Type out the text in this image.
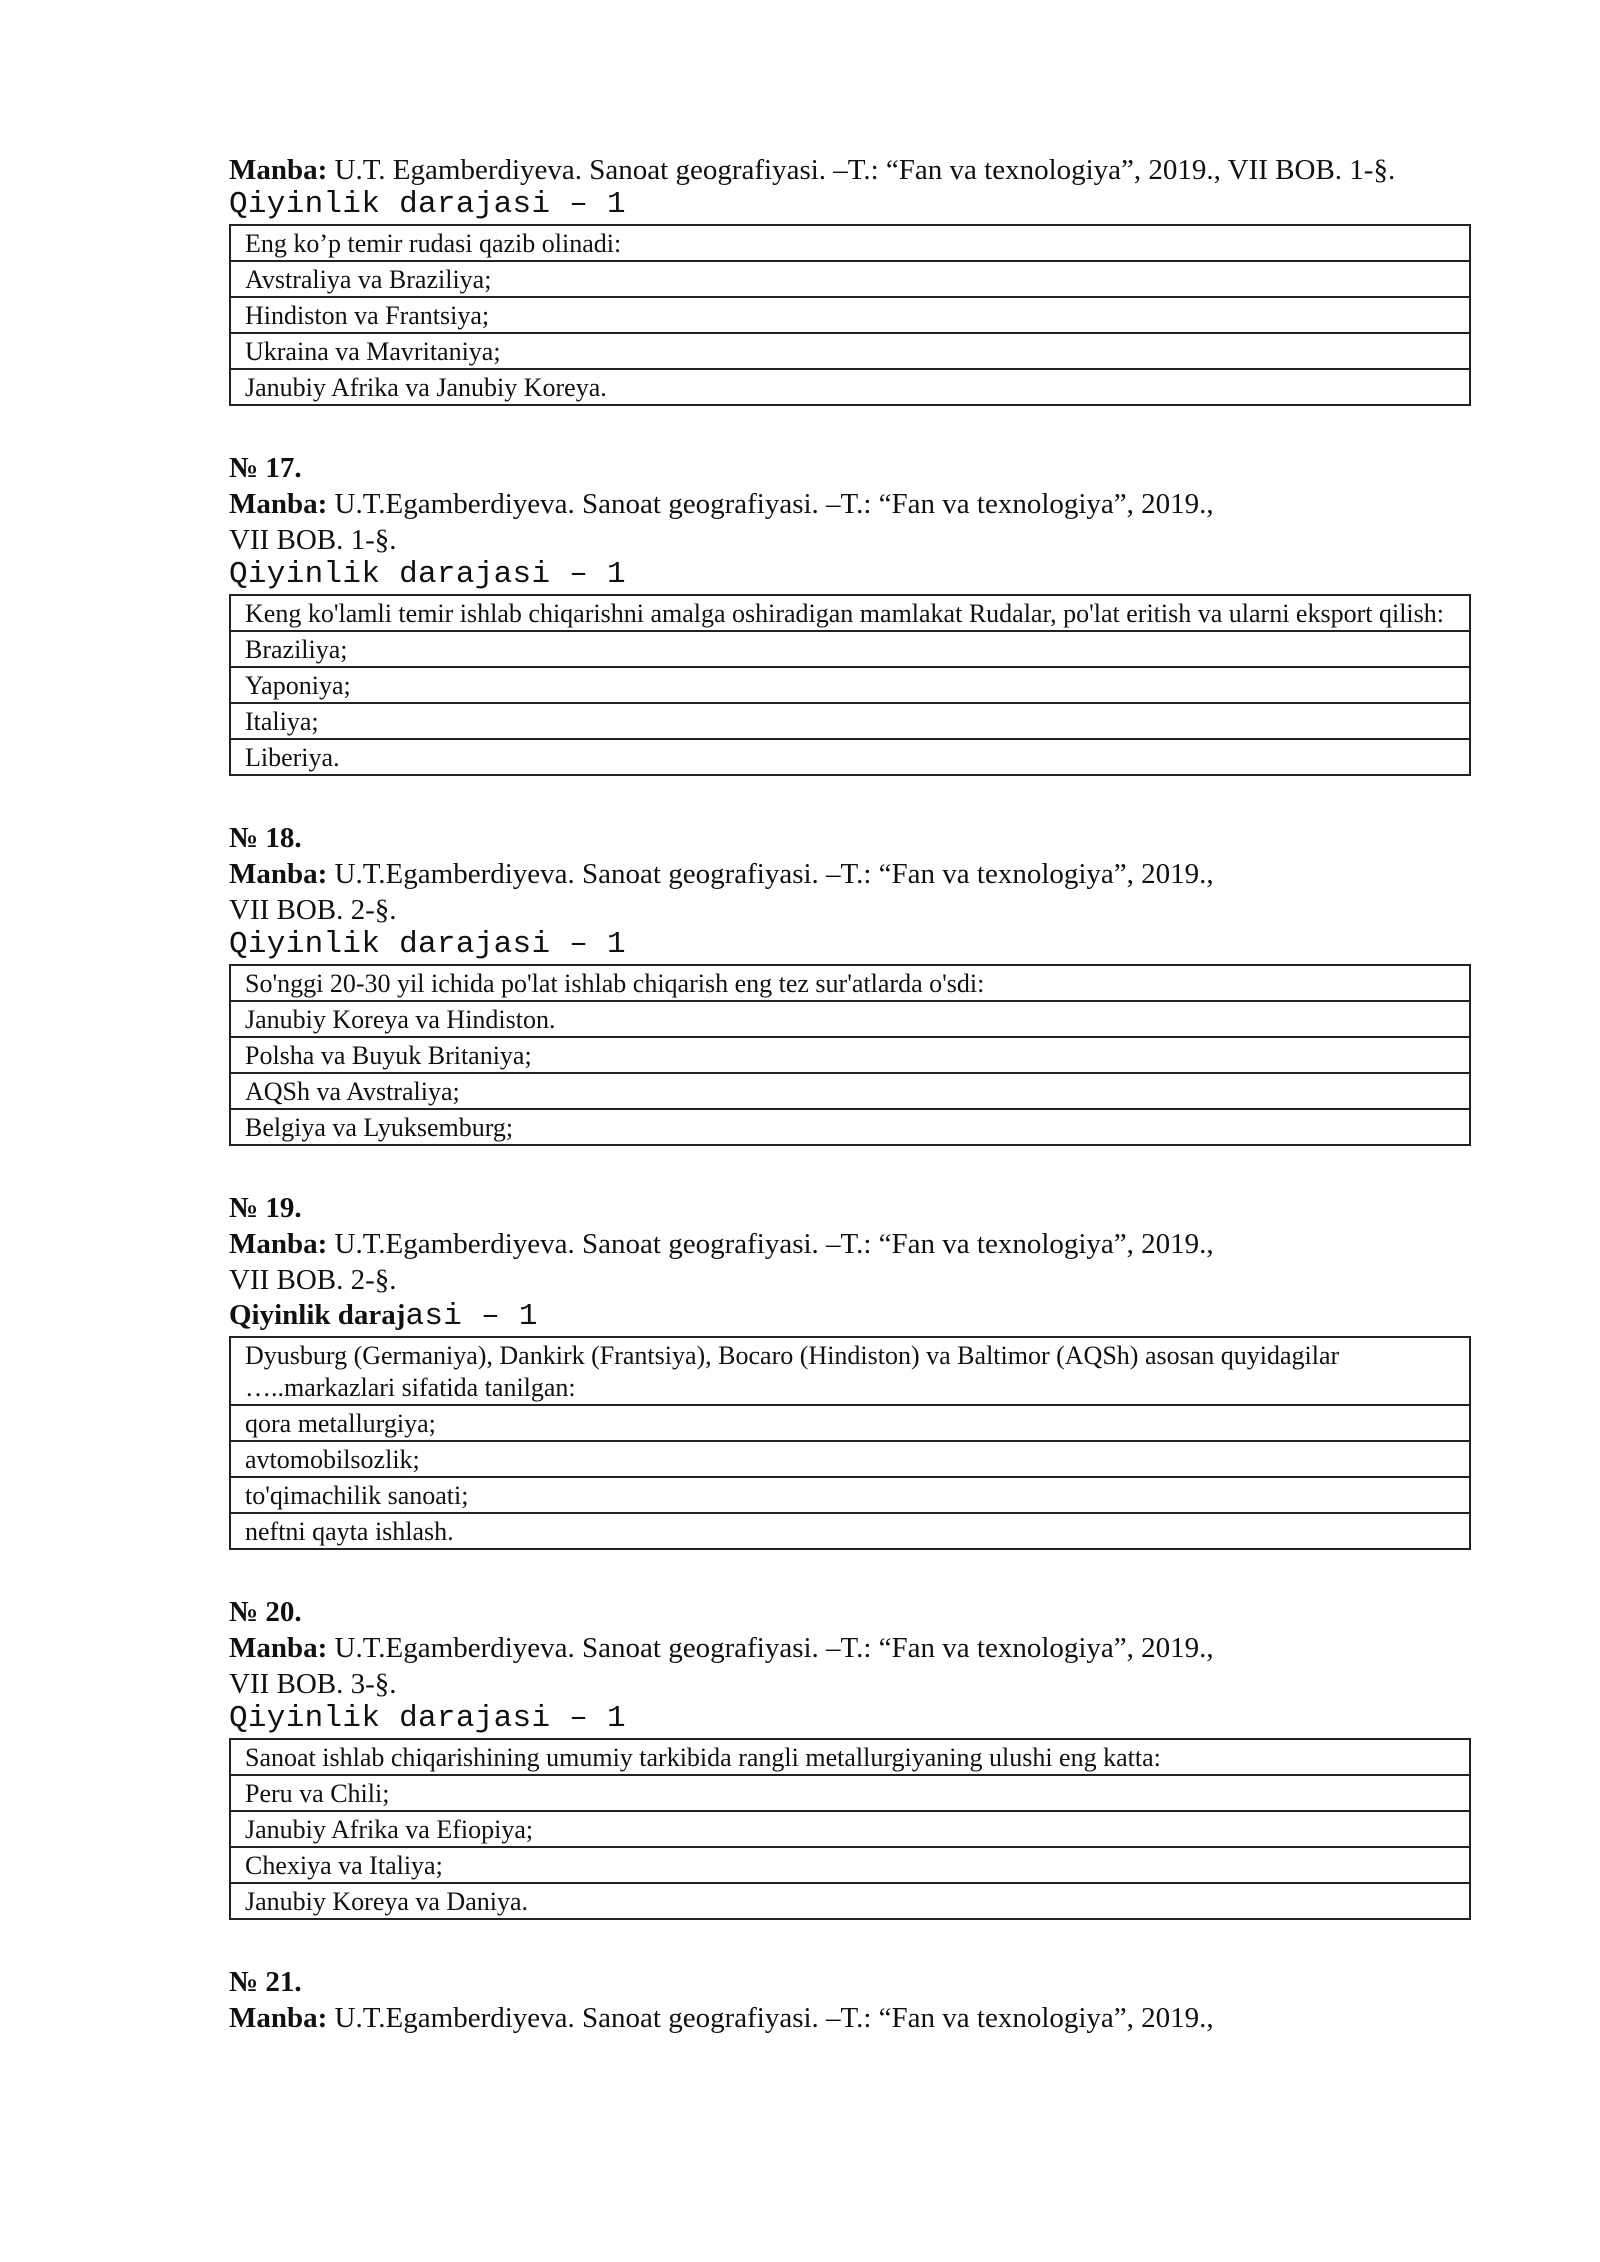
Manba: U.T. Egamberdiyeva. Sanoat geografiyasi. –T.: “Fan va texnologiya”, 2019., VII BOB. 1-§.
Qiyinlik darajasi – 1
Eng ko’p temir rudasi qazib olinadi:
Avstraliya va Braziliya;
Hindiston va Frantsiya;
Ukraina va Mavritaniya;
Janubiy Afrika va Janubiy Koreya.
№ 17.
Manba: U.T.Egamberdiyeva. Sanoat geografiyasi. –T.: “Fan va texnologiya”, 2019.,
VII BOB. 1-§.
Qiyinlik darajasi – 1
Keng ko'lamli temir ishlab chiqarishni amalga oshiradigan mamlakat Rudalar, po'lat eritish va ularni eksport qilish:
Braziliya;
Yaponiya;
Italiya;
Liberiya.
№ 18.
Manba: U.T.Egamberdiyeva. Sanoat geografiyasi. –T.: “Fan va texnologiya”, 2019.,
VII BOB. 2-§.
Qiyinlik darajasi – 1
So'nggi 20-30 yil ichida po'lat ishlab chiqarish eng tez sur'atlarda o'sdi:
Janubiy Koreya va Hindiston.
Polsha va Buyuk Britaniya;
AQSh va Avstraliya;
Belgiya va Lyuksemburg;
№ 19.
Manba: U.T.Egamberdiyeva. Sanoat geografiyasi. –T.: “Fan va texnologiya”, 2019.,
VII BOB. 2-§.
Qiyinlik darajasi – 1
Dyusburg (Germaniya), Dankirk (Frantsiya), Bocaro (Hindiston) va Baltimor (AQSh) asosan quyidagilar …..markazlari sifatida tanilgan:
qora metallurgiya;
avtomobilsozlik;
to'qimachilik sanoati;
neftni qayta ishlash.
№ 20.
Manba: U.T.Egamberdiyeva. Sanoat geografiyasi. –T.: “Fan va texnologiya”, 2019.,
VII BOB. 3-§.
Qiyinlik darajasi – 1
Sanoat ishlab chiqarishining umumiy tarkibida rangli metallurgiyaning ulushi eng katta:
Peru va Chili;
Janubiy Afrika va Efiopiya;
Chexiya va Italiya;
Janubiy Koreya va Daniya.
№ 21.
Manba: U.T.Egamberdiyeva. Sanoat geografiyasi. –T.: “Fan va texnologiya”, 2019.,
